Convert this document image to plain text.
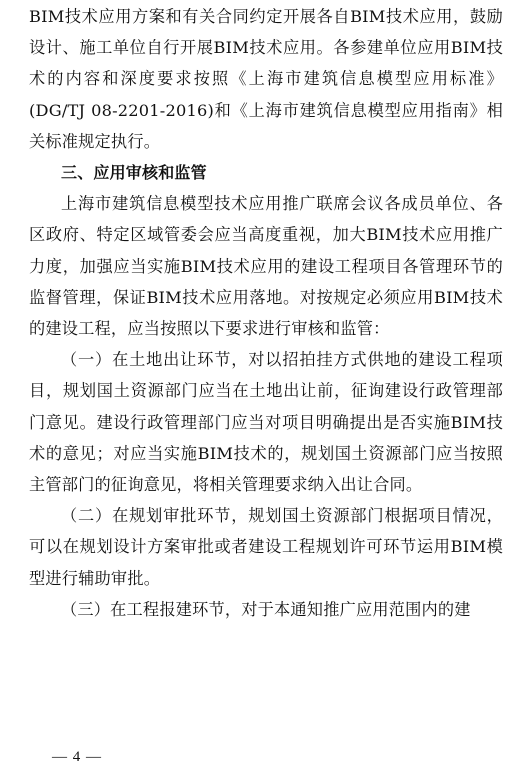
BIM技术应用方案和有关合同约定开展各自BIM技术应用，鼓励设计、施工单位自行开展BIM技术应用。各参建单位应用BIM技术的内容和深度要求按照《上海市建筑信息模型应用标准》(DG/TJ 08-2201-2016)和《上海市建筑信息模型应用指南》相关标准规定执行。

三、应用审核和监管

上海市建筑信息模型技术应用推广联席会议各成员单位、各区政府、特定区域管委会应当高度重视，加大BIM技术应用推广力度，加强应当实施BIM技术应用的建设工程项目各管理环节的监督管理，保证BIM技术应用落地。对按规定必须应用BIM技术的建设工程，应当按照以下要求进行审核和监管：

（一）在土地出让环节，对以招拍挂方式供地的建设工程项目，规划国土资源部门应当在土地出让前，征询建设行政管理部门意见。建设行政管理部门应当对项目明确提出是否实施BIM技术的意见；对应当实施BIM技术的，规划国土资源部门应当按照主管部门的征询意见，将相关管理要求纳入出让合同。

（二）在规划审批环节，规划国土资源部门根据项目情况，可以在规划设计方案审批或者建设工程规划许可环节运用BIM模型进行辅助审批。

（三）在工程报建环节，对于本通知推广应用范围内的建

— 4 —
